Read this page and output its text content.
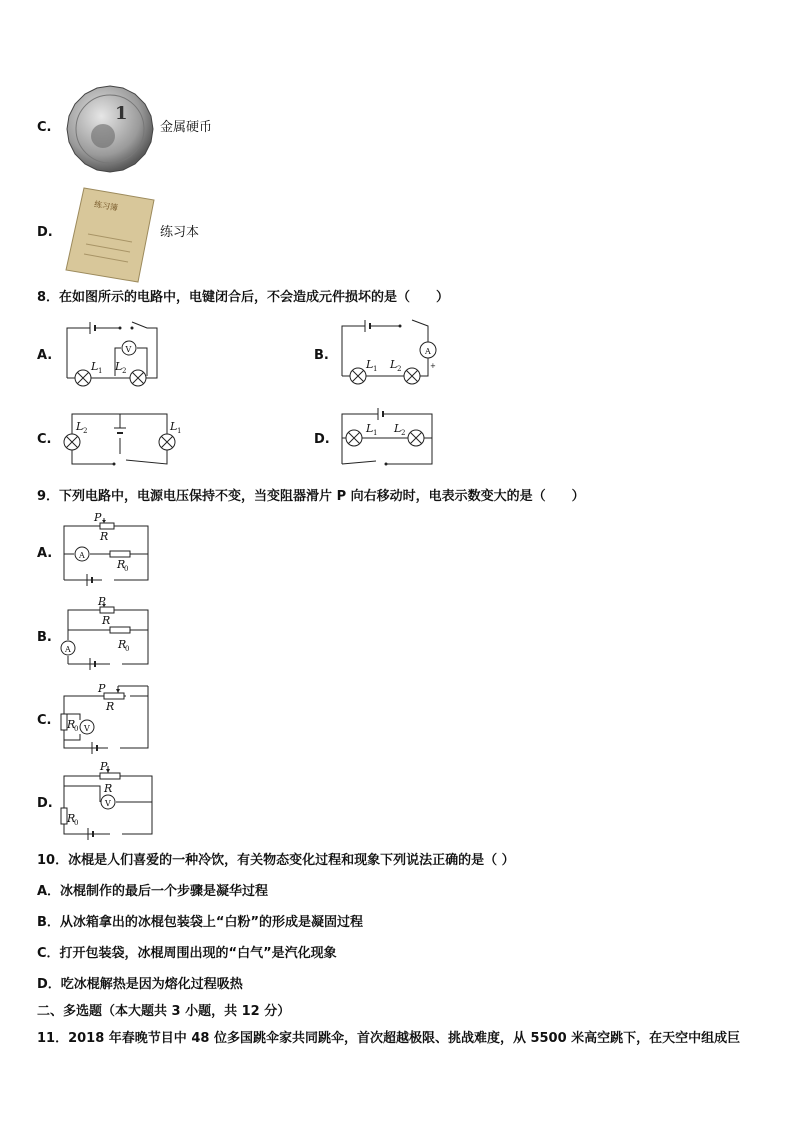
C.
1
金属硬币
D.
练习簿
练习本
8．在如图所示的电路中，电键闭合后，不会造成元件损坏的是（　　）
A.	V
L 1 L 2
B.	A
+
L 1 L 2
C.
L 2	L 1
D.
L 1 L 2
9．下列电路中，电源电压保持不变，当变阻器滑片 P 向右移动时，电表示数变大的是（　　）
A.	A
P
R
R
0
B.
A
P
R
R
0
C.
V
P
R
R
0
D.	V
P
R
R
0
10．冰棍是人们喜爱的一种冷饮，有关物态变化过程和现象下列说法正确的是（ ）
A．冰棍制作的最后一个步骤是凝华过程
B．从冰箱拿出的冰棍包装袋上“白粉”的形成是凝固过程
C．打开包装袋，冰棍周围出现的“白气”是汽化现象
D．吃冰棍解热是因为熔化过程吸热
二、多选题（本大题共 3 小题，共 12 分）
11．2018 年春晚节目中 48 位多国跳伞家共同跳伞，首次超越极限、挑战难度，从 5500 米高空跳下，在天空中组成巨
